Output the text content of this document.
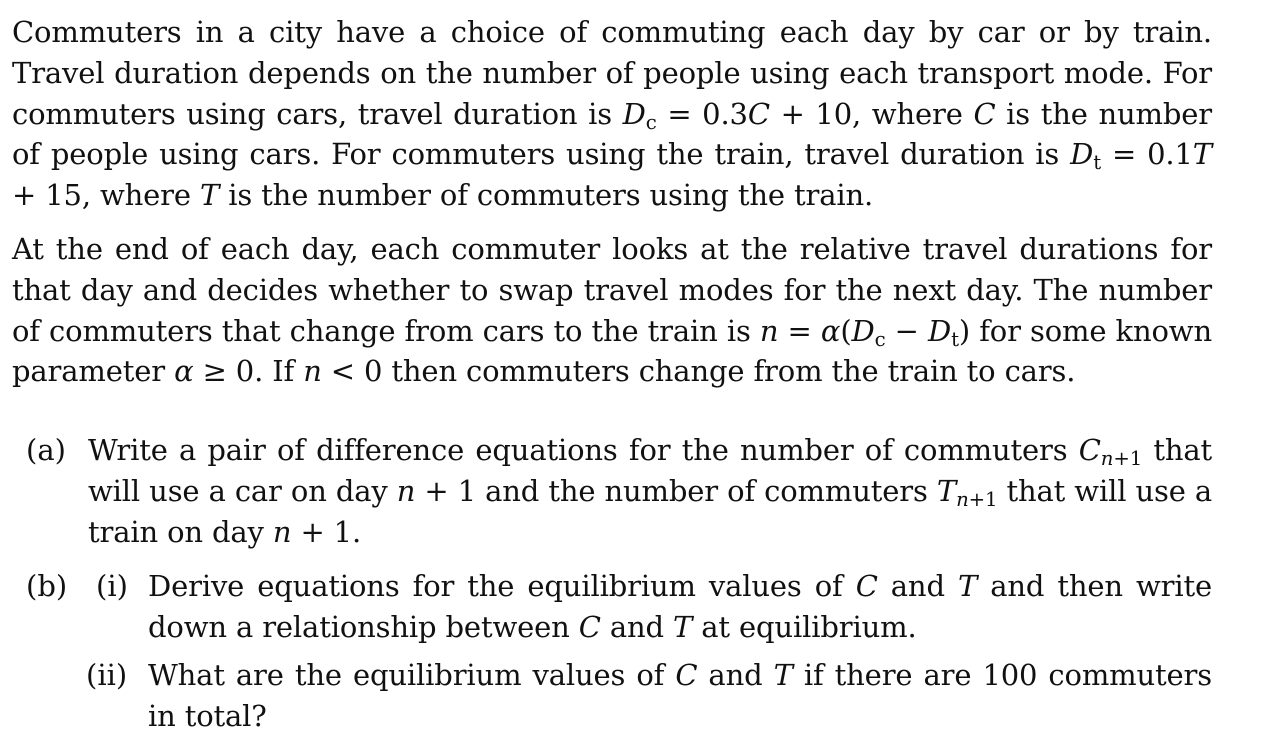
Commuters in a city have a choice of commuting each day by car or by train. Travel duration depends on the number of people using each transport mode. For commuters using cars, travel duration is $D_c = 0.3C + 10$, where C is the number of people using cars. For commuters using the train, travel duration is $D_t = 0.1T + 15$, where T is the number of commuters using the train.

At the end of each day, each commuter looks at the relative travel durations for that day and decides whether to swap travel modes for the next day. The number of commuters that change from cars to the train is $n = \alpha(D_c - D_t)$ for some known parameter α ≥ 0. If n < 0 then commuters change from the train to cars.

(a) Write a pair of difference equations for the number of commuters $Cn_{+1}$ that will use a car on day n + 1 and the number of commuters $Tn_{+1}$ that will use a train on day n + 1.

(b) (i) Derive equations for the equilibrium values of C and T and then write down a relationship between C and T at equilibrium.

(ii) What are the equilibrium values of C and T if there are 100 commuters in total?
